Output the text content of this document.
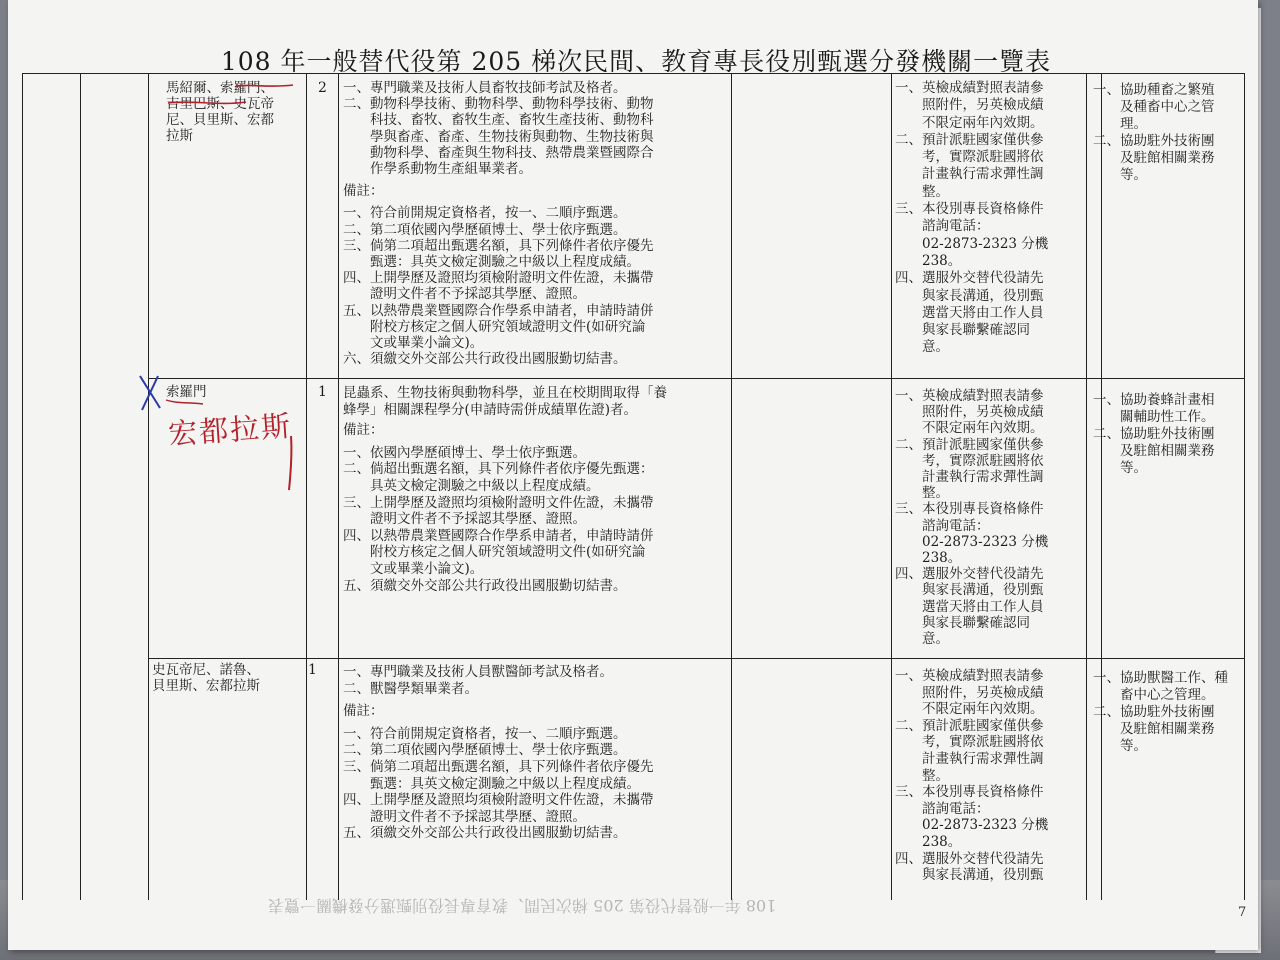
108 年一般替代役第 205 梯次民間、教育專長役別甄選分發機關一覽表
馬紹爾、索羅門、
吉里巴斯、史瓦帝
尼、貝里斯、宏都
拉斯
2 一、專門職業及技術人員畜牧技師考試及格者。
二、動物科學技術、動物科學、動物科學技術、動物
　　科技、畜牧、畜牧生產、畜牧生產技術、動物科
　　學與畜產、畜產、生物技術與動物、生物技術與
　　動物科學、畜產與生物科技、熱帶農業暨國際合
　　作學系動物生產組畢業者。
備註：
一、符合前開規定資格者，按一、二順序甄選。
二、第二項依國內學歷碩博士、學士依序甄選。
三、倘第二項超出甄選名額，具下列條件者依序優先
　　甄選：具英文檢定測驗之中級以上程度成績。
四、上開學歷及證照均須檢附證明文件佐證，未攜帶
　　證明文件者不予採認其學歷、證照。
五、以熱帶農業暨國際合作學系申請者，申請時請併
　　附校方核定之個人研究領域證明文件(如研究論
　　文或畢業小論文)。
六、須繳交外交部公共行政役出國服勤切結書。
一、英檢成績對照表請參
　　照附件，另英檢成績
　　不限定兩年內效期。
二、預計派駐國家僅供參
　　考，實際派駐國將依
　　計畫執行需求彈性調
　　整。
三、本役別專長資格條件
　　諮詢電話：
　　02-2873-2323 分機
　　238。
四、選服外交替代役請先
　　與家長溝通，役別甄
　　選當天將由工作人員
　　與家長聯繫確認同
　　意。
一、協助種畜之繁殖
　　及種畜中心之管
　　理。
二、協助駐外技術團
　　及駐館相關業務
　　等。
索羅門	1 昆蟲系、生物技術與動物科學，並且在校期間取得「養
蜂學」相關課程學分(申請時需併成績單佐證)者。
備註：
一、依國內學歷碩博士、學士依序甄選。
二、倘超出甄選名額，具下列條件者依序優先甄選：
　　具英文檢定測驗之中級以上程度成績。
三、上開學歷及證照均須檢附證明文件佐證，未攜帶
　　證明文件者不予採認其學歷、證照。
四、以熱帶農業暨國際合作學系申請者，申請時請併
　　附校方核定之個人研究領域證明文件(如研究論
　　文或畢業小論文)。
五、須繳交外交部公共行政役出國服勤切結書。
一、英檢成績對照表請參
　　照附件，另英檢成績
　　不限定兩年內效期。
二、預計派駐國家僅供參
　　考，實際派駐國將依
　　計畫執行需求彈性調
　　整。
三、本役別專長資格條件
　　諮詢電話：
　　02-2873-2323 分機
　　238。
四、選服外交替代役請先
　　與家長溝通，役別甄
　　選當天將由工作人員
　　與家長聯繫確認同
　　意。
一、協助養蜂計畫相
　　關輔助性工作。
二、協助駐外技術團
　　及駐館相關業務
　　等。
史瓦帝尼、諾魯、
貝里斯、宏都拉斯
1 一、專門職業及技術人員獸醫師考試及格者。
二、獸醫學類畢業者。
備註：
一、符合前開規定資格者，按一、二順序甄選。
二、第二項依國內學歷碩博士、學士依序甄選。
三、倘第二項超出甄選名額，具下列條件者依序優先
　　甄選：具英文檢定測驗之中級以上程度成績。
四、上開學歷及證照均須檢附證明文件佐證，未攜帶
　　證明文件者不予採認其學歷、證照。
五、須繳交外交部公共行政役出國服勤切結書。
一、英檢成績對照表請參
　　照附件，另英檢成績
　　不限定兩年內效期。
二、預計派駐國家僅供參
　　考，實際派駐國將依
　　計畫執行需求彈性調
　　整。
三、本役別專長資格條件
　　諮詢電話：
　　02-2873-2323 分機
　　238。
四、選服外交替代役請先
　　與家長溝通，役別甄
一、協助獸醫工作、種
　　畜中心之管理。
二、協助駐外技術團
　　及駐館相關業務
　　等。
108 年一般替代役第 205 梯次民間、教育專長役別甄選分發機關一覽表	7
宏都拉斯
